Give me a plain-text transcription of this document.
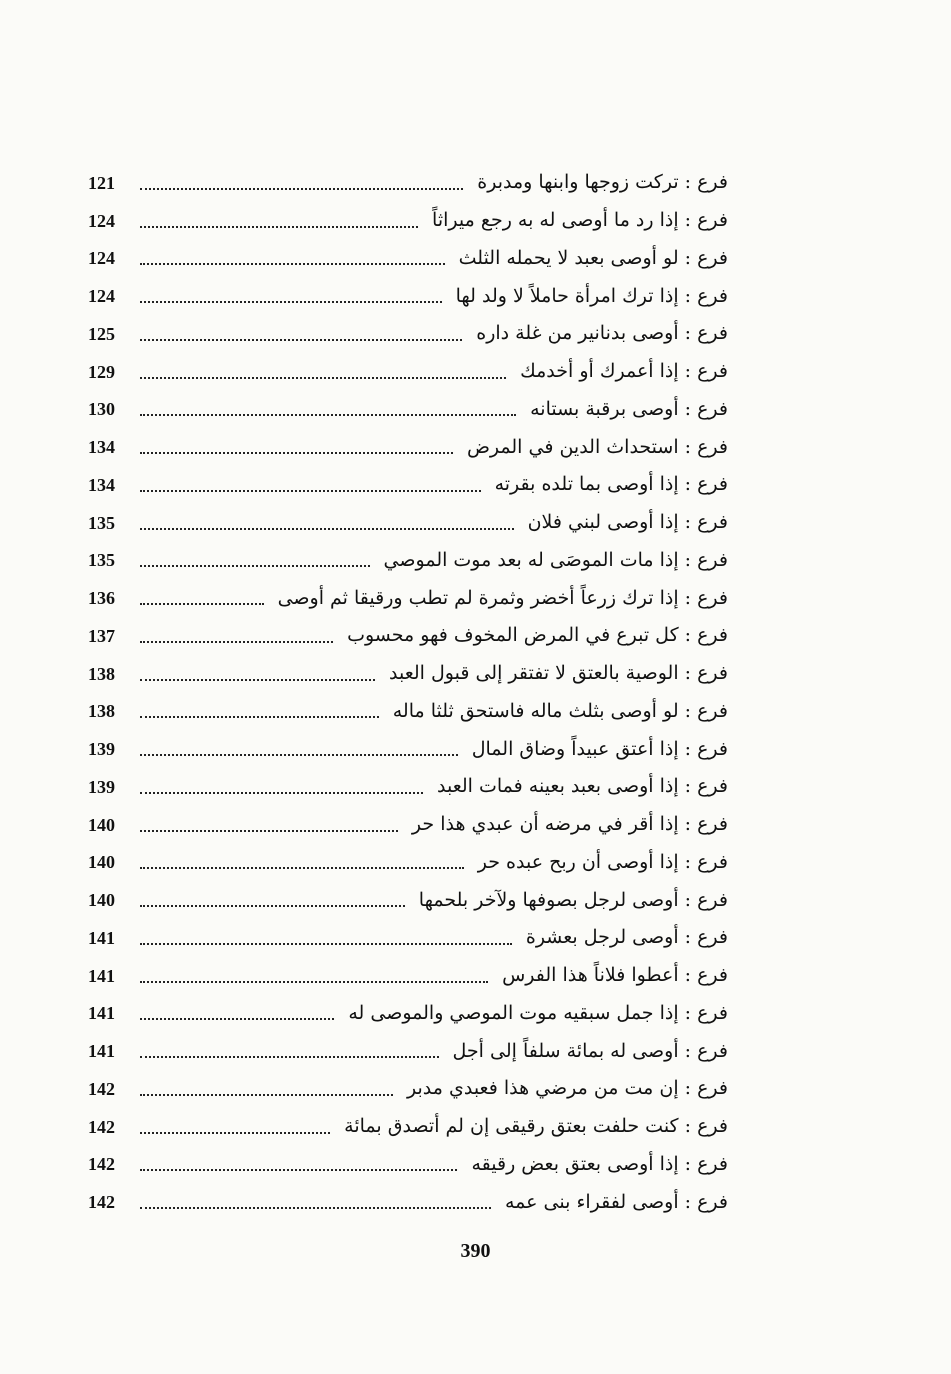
فرع : تركت زوجها وابنها ومدبرة
121
فرع : إذا رد ما أوصى له به رجع ميراثاً
124
فرع : لو أوصى بعبد لا يحمله الثلث
124
فرع : إذا ترك امرأة حاملاً لا ولد لها
124
فرع : أوصى بدنانير من غلة داره
125
فرع : إذا أعمرك أو أخدمك
129
فرع : أوصى برقبة بستانه
130
فرع : استحداث الدين في المرض
134
فرع : إذا أوصى بما تلده بقرته
134
فرع : إذا أوصى لبني فلان
135
فرع : إذا مات الموصَى له بعد موت الموصي
135
فرع : إذا ترك زرعاً أخضر وثمرة لم تطب ورقيقا ثم أوصى
136
فرع : كل تبرع في المرض المخوف فهو محسوب
137
فرع : الوصية بالعتق لا تفتقر إلى قبول العبد
138
فرع : لو أوصى بثلث ماله فاستحق ثلثا ماله
138
فرع : إذا أعتق عبيداً وضاق المال
139
فرع : إذا أوصى بعبد بعينه فمات العبد
139
فرع : إذا أقر في مرضه أن عبدي هذا حر
140
فرع : إذا أوصى أن ربح عبده حر
140
فرع : أوصى لرجل بصوفها ولآخر بلحمها
140
فرع : أوصى لرجل بعشرة
141
فرع : أعطوا فلاناً هذا الفرس
141
فرع : إذا جمل سبقيه موت الموصي والموصى له
141
فرع : أوصى له بمائة سلفاً إلى أجل
141
فرع : إن مت من مرضي هذا فعبدي مدبر
142
فرع : كنت حلفت بعتق رقيقى إن لم أتصدق بمائة
142
فرع : إذا أوصى بعتق بعض رقيقه
142
فرع : أوصى لفقراء بنى عمه
142
390
